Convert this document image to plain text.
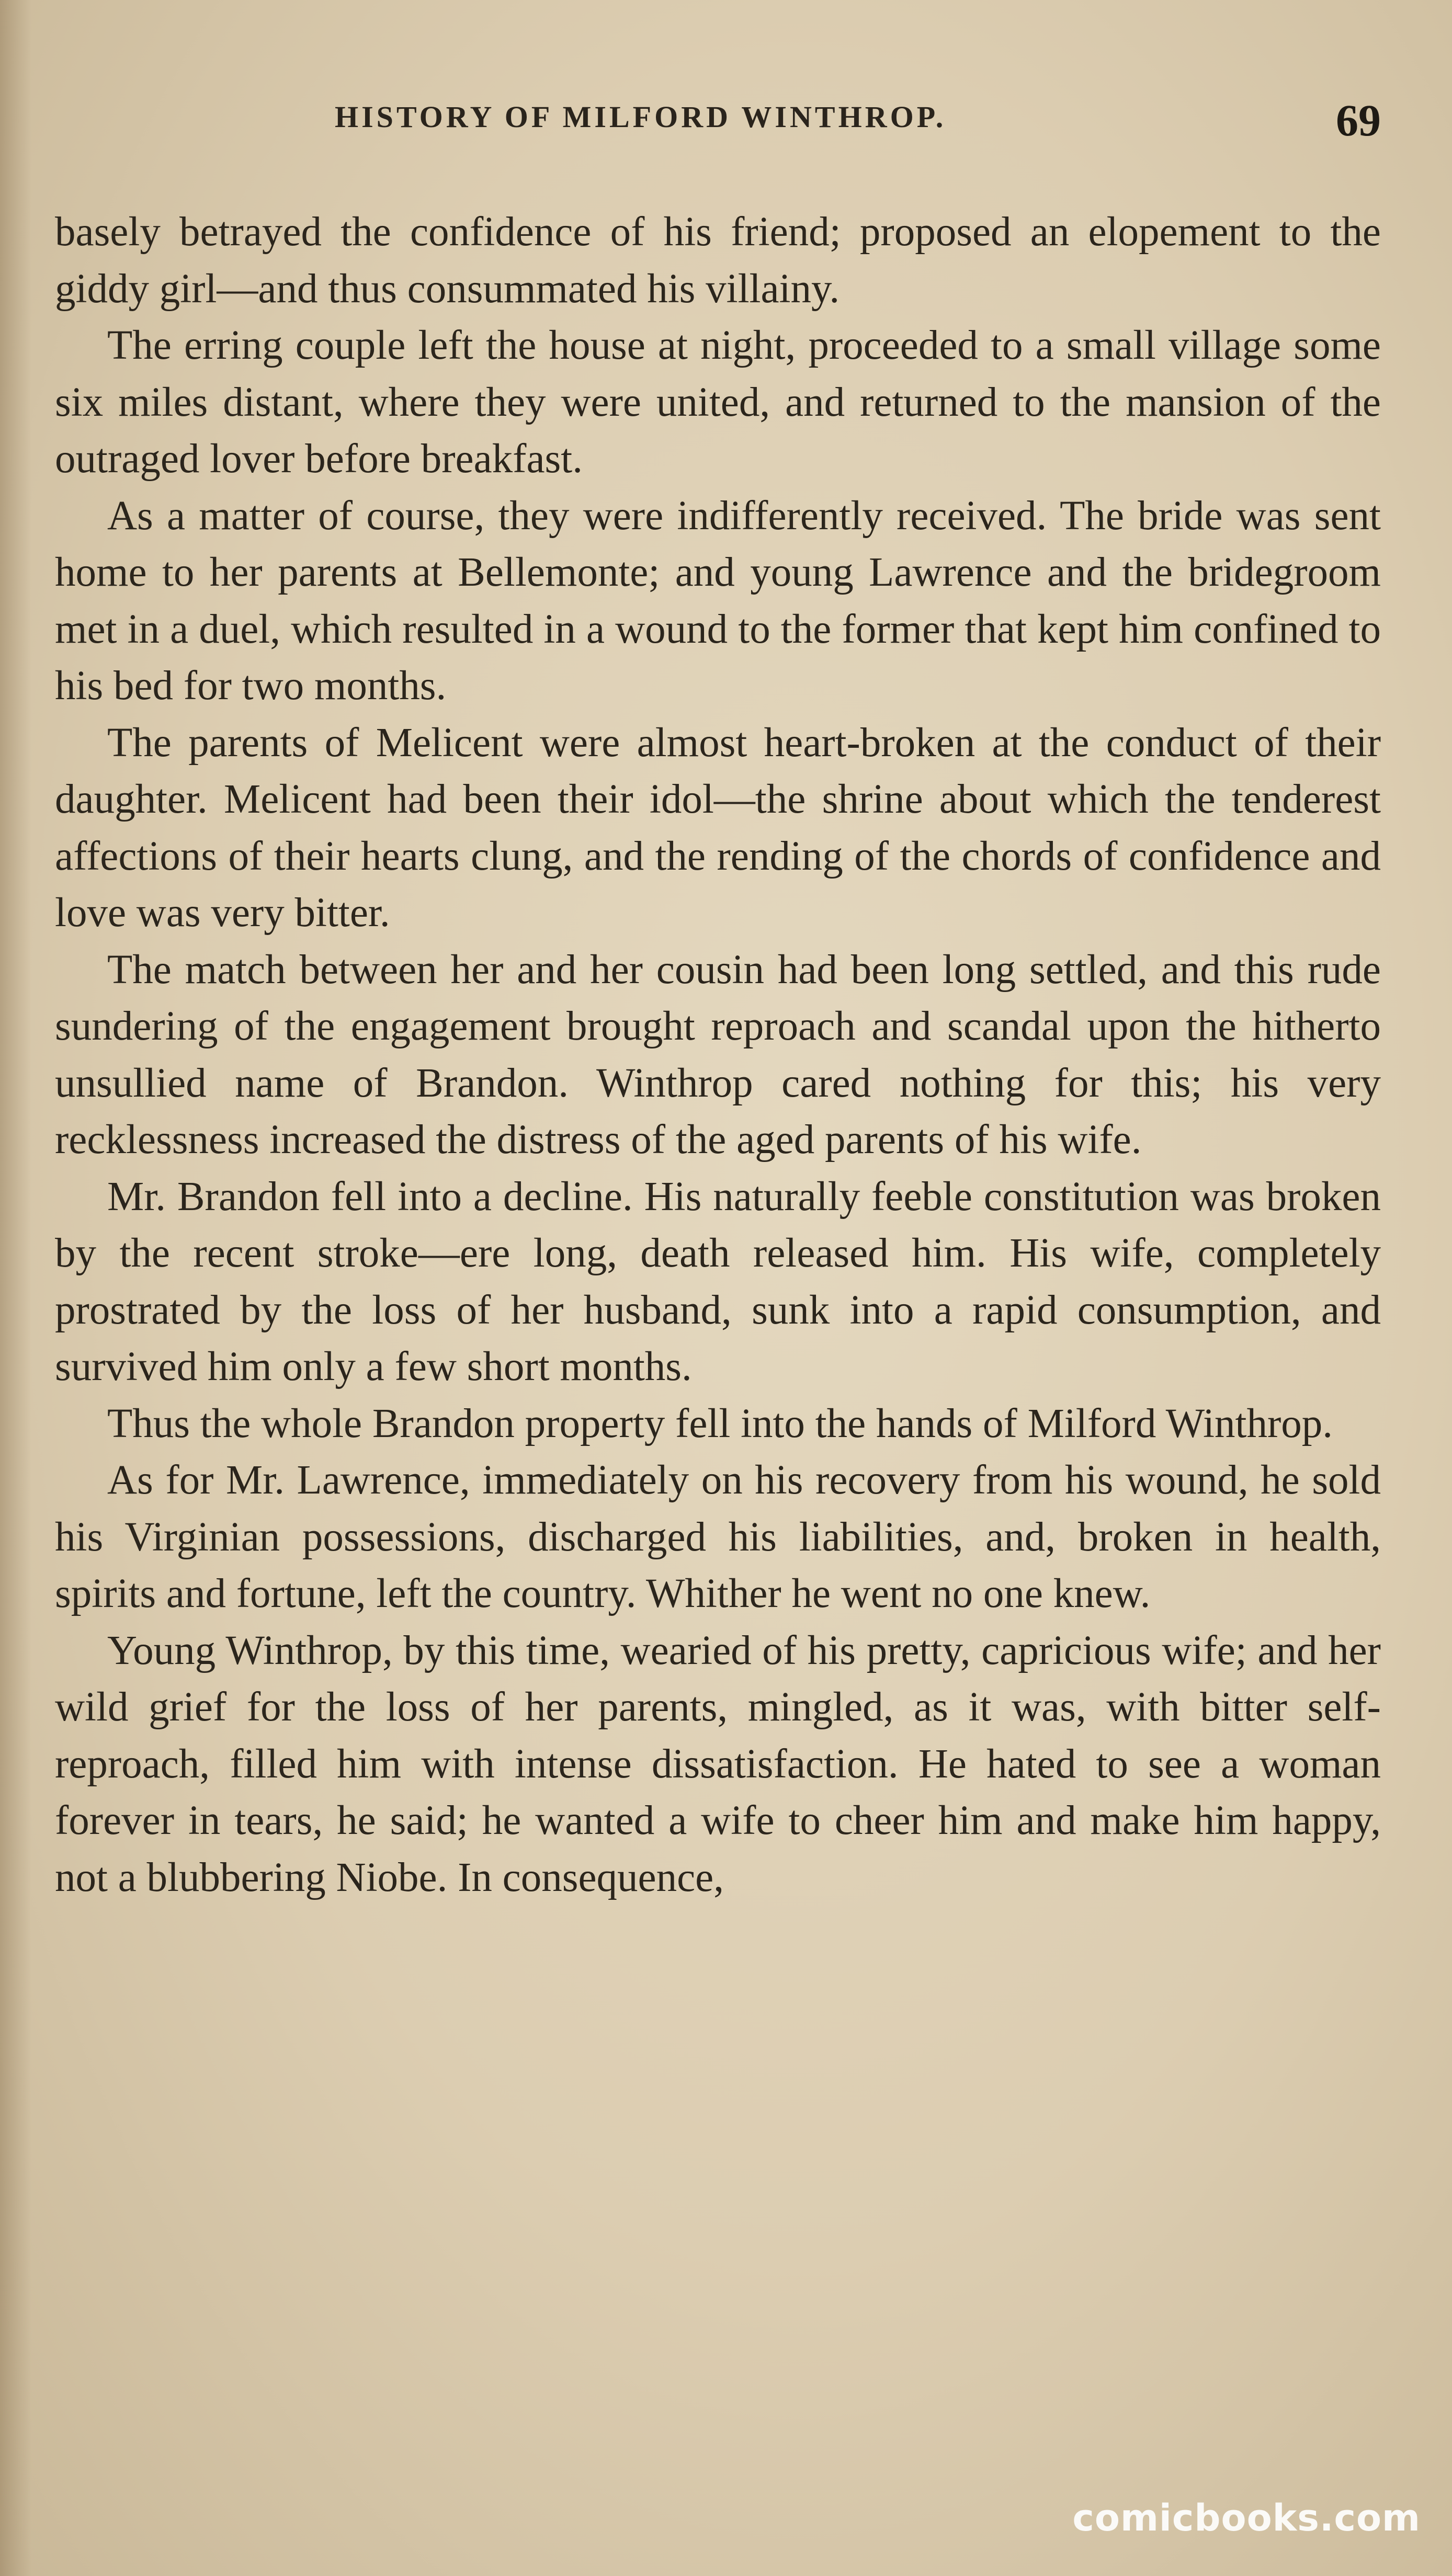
HISTORY OF MILFORD WINTHROP.	69

basely betrayed the confidence of his friend; proposed an elopement to the giddy girl—and thus consummated his villainy.

The erring couple left the house at night, proceeded to a small village some six miles distant, where they were united, and returned to the mansion of the outraged lover before breakfast.

As a matter of course, they were indifferently received. The bride was sent home to her parents at Bellemonte; and young Lawrence and the bridegroom met in a duel, which resulted in a wound to the former that kept him confined to his bed for two months.

The parents of Melicent were almost heart-broken at the conduct of their daughter. Melicent had been their idol—the shrine about which the tenderest affections of their hearts clung, and the rending of the chords of confidence and love was very bitter.

The match between her and her cousin had been long settled, and this rude sundering of the engagement brought reproach and scandal upon the hitherto unsullied name of Brandon. Winthrop cared nothing for this; his very recklessness increased the distress of the aged parents of his wife.

Mr. Brandon fell into a decline. His naturally feeble constitution was broken by the recent stroke—ere long, death released him. His wife, completely prostrated by the loss of her husband, sunk into a rapid consumption, and survived him only a few short months.

Thus the whole Brandon property fell into the hands of Milford Winthrop.

As for Mr. Lawrence, immediately on his recovery from his wound, he sold his Virginian possessions, discharged his liabilities, and, broken in health, spirits and fortune, left the country. Whither he went no one knew.

Young Winthrop, by this time, wearied of his pretty, capricious wife; and her wild grief for the loss of her parents, mingled, as it was, with bitter self-reproach, filled him with intense dissatisfaction. He hated to see a woman forever in tears, he said; he wanted a wife to cheer him and make him happy, not a blubbering Niobe. In consequence,

comicbooks.com
